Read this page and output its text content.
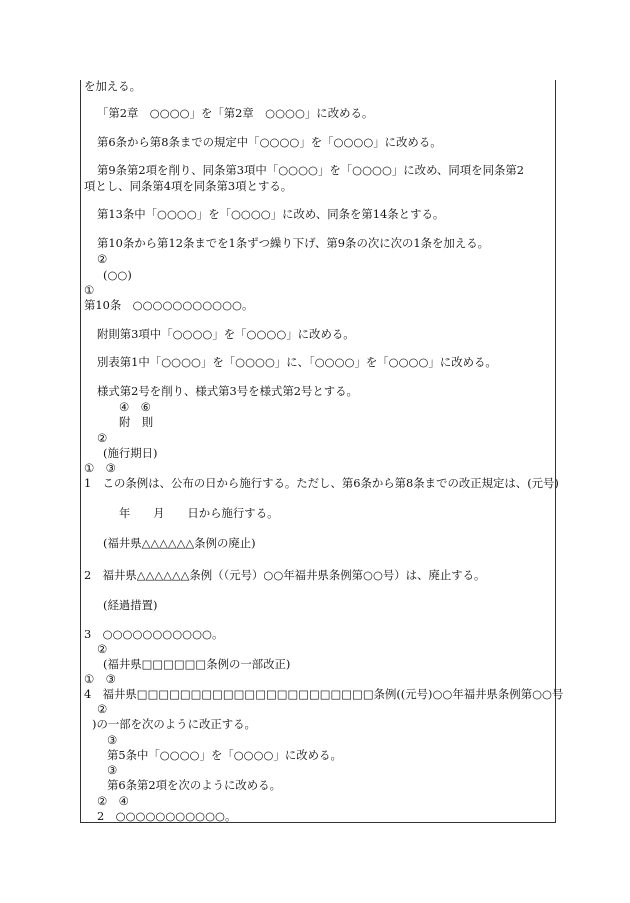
を加える。
「第2章　○○○○」を「第2章　○○○○」に改める。
第6条から第8条までの規定中「○○○○」を「○○○○」に改める。
第9条第2項を削り、同条第3項中「○○○○」を「○○○○」に改め、同項を同条第2
項とし、同条第4項を同条第3項とする。
第13条中「○○○○」を「○○○○」に改め、同条を第14条とする。
第10条から第12条までを1条ずつ繰り下げ、第9条の次に次の1条を加える。
②
(○○)
①
第10条　○○○○○○○○○○○。
附則第3項中「○○○○」を「○○○○」に改める。
別表第1中「○○○○」を「○○○○」に、「○○○○」を「○○○○」に改める。
様式第2号を削り、様式第3号を様式第2号とする。
④　⑥
附　則
②
(施行期日)
①　③
1　この条例は、公布の日から施行する。ただし、第6条から第8条までの改正規定は、(元号)
年　　月　　日から施行する。
(福井県△△△△△△条例の廃止)
2　福井県△△△△△△条例（（元号）○○年福井県条例第○○号）は、廃止する。
(経過措置)
3　○○○○○○○○○○○。
②
(福井県□□□□□□条例の一部改正)
①　③
4　福井県□□□□□□□□□□□□□□□□□□□□□□条例((元号)○○年福井県条例第○○号
②
)の一部を次のように改正する。
③
第5条中「○○○○」を「○○○○」に改める。
③
第6条第2項を次のように改める。
②　④
2　○○○○○○○○○○○。
